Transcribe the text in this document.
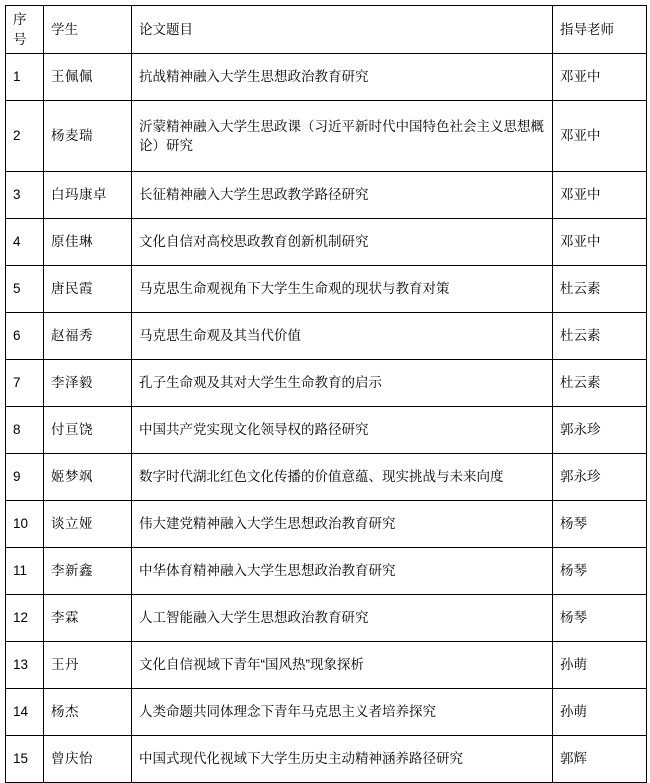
序号	学生	论文题目	指导老师
1	王佩佩	抗战精神融入大学生思想政治教育研究	邓亚中
2	杨麦瑞	沂蒙精神融入大学生思政课（习近平新时代中国特色社会主义思想概论）研究	邓亚中
3	白玛康卓	长征精神融入大学生思政教学路径研究	邓亚中
4	原佳琳	文化自信对高校思政教育创新机制研究	邓亚中
5	唐民霞	马克思生命观视角下大学生生命观的现状与教育对策	杜云素
6	赵福秀	马克思生命观及其当代价值	杜云素
7	李泽毅	孔子生命观及其对大学生生命教育的启示	杜云素
8	付亘饶	中国共产党实现文化领导权的路径研究	郭永珍
9	姬梦飒	数字时代湖北红色文化传播的价值意蕴、现实挑战与未来向度	郭永珍
10	谈立娅	伟大建党精神融入大学生思想政治教育研究	杨琴
11	李新鑫	中华体育精神融入大学生思想政治教育研究	杨琴
12	李霖	人工智能融入大学生思想政治教育研究	杨琴
13	王丹	文化自信视域下青年“国风热”现象探析	孙萌
14	杨杰	人类命题共同体理念下青年马克思主义者培养探究	孙萌
15	曾庆怡	中国式现代化视域下大学生历史主动精神涵养路径研究	郭辉
